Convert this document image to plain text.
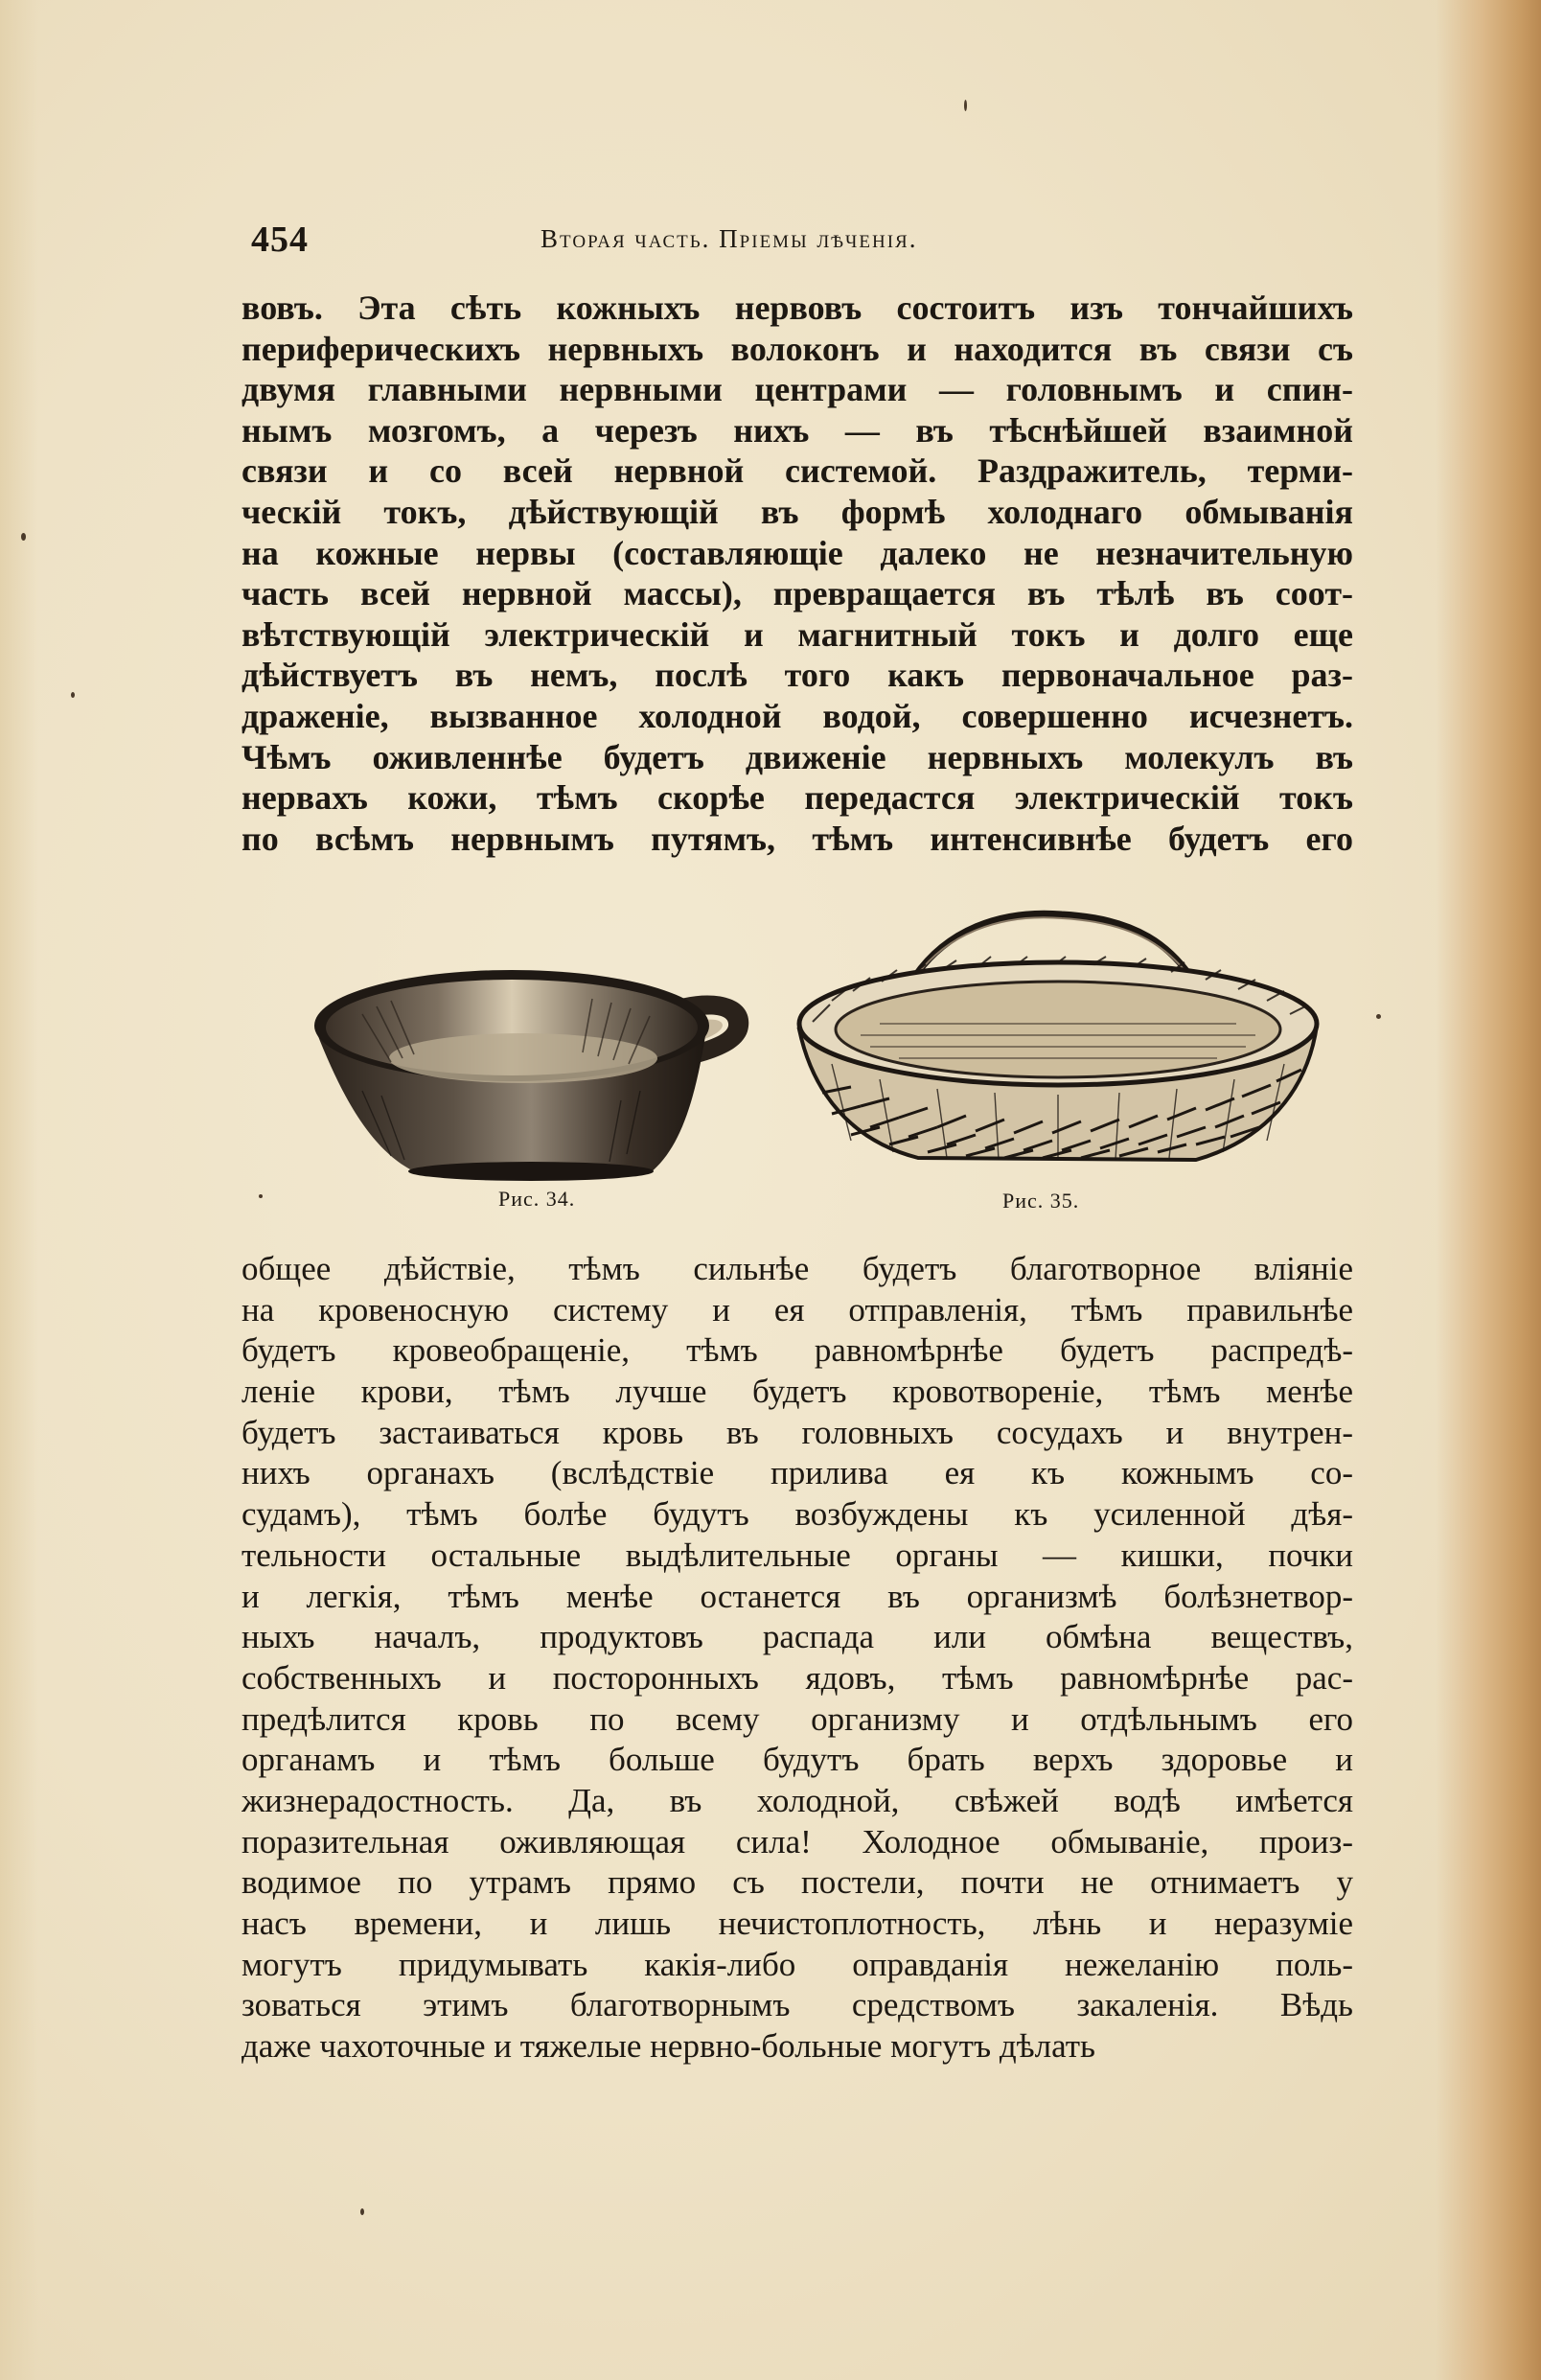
454	Вторая часть. Пріемы лѣченія.
вовъ. Эта сѣть кожныхъ нервовъ состоитъ изъ тончайшихъ
периферическихъ нервныхъ волоконъ и находится въ связи съ
двумя главными нервными центрами — головнымъ и спин-
нымъ мозгомъ, а черезъ нихъ — въ тѣснѣйшей взаимной
связи и со всей нервной системой. Раздражитель, терми-
ческій токъ, дѣйствующій въ формѣ холоднаго обмыванія
на кожные нервы (составляющіе далеко не незначительную
часть всей нервной массы), превращается въ тѣлѣ въ соот-
вѣтствующій электрическій и магнитный токъ и долго еще
дѣйствуетъ въ немъ, послѣ того какъ первоначальное раз-
драженіе, вызванное холодной водой, совершенно исчезнетъ.
Чѣмъ оживленнѣе будетъ движеніе нервныхъ молекулъ въ
нервахъ кожи, тѣмъ скорѣе передастся электрическій токъ
по всѣмъ нервнымъ путямъ, тѣмъ интенсивнѣе будетъ его
Рис. 34.	Рис. 35.
общее дѣйствіе, тѣмъ сильнѣе будетъ благотворное вліяніе
на кровеносную систему и ея отправленія, тѣмъ правильнѣе
будетъ кровеобращеніе, тѣмъ равномѣрнѣе будетъ распредѣ-
леніе крови, тѣмъ лучше будетъ кровотвореніе, тѣмъ менѣе
будетъ застаиваться кровь въ головныхъ сосудахъ и внутрен-
нихъ органахъ (вслѣдствіе прилива ея къ кожнымъ со-
судамъ), тѣмъ болѣе будутъ возбуждены къ усиленной дѣя-
тельности остальные выдѣлительные органы — кишки, почки
и легкія, тѣмъ менѣе останется въ организмѣ болѣзнетвор-
ныхъ началъ, продуктовъ распада или обмѣна веществъ,
собственныхъ и посторонныхъ ядовъ, тѣмъ равномѣрнѣе рас-
предѣлится кровь по всему организму и отдѣльнымъ его
органамъ и тѣмъ больше будутъ брать верхъ здоровье и
жизнерадостность. Да, въ холодной, свѣжей водѣ имѣется
поразительная оживляющая сила! Холодное обмываніе, произ-
водимое по утрамъ прямо съ постели, почти не отнимаетъ у
насъ времени, и лишь нечистоплотность, лѣнь и неразуміе
могутъ придумывать какія-либо оправданія нежеланію поль-
зоваться этимъ благотворнымъ средствомъ закаленія. Вѣдь
даже чахоточные и тяжелые нервно-больные могутъ дѣлать
